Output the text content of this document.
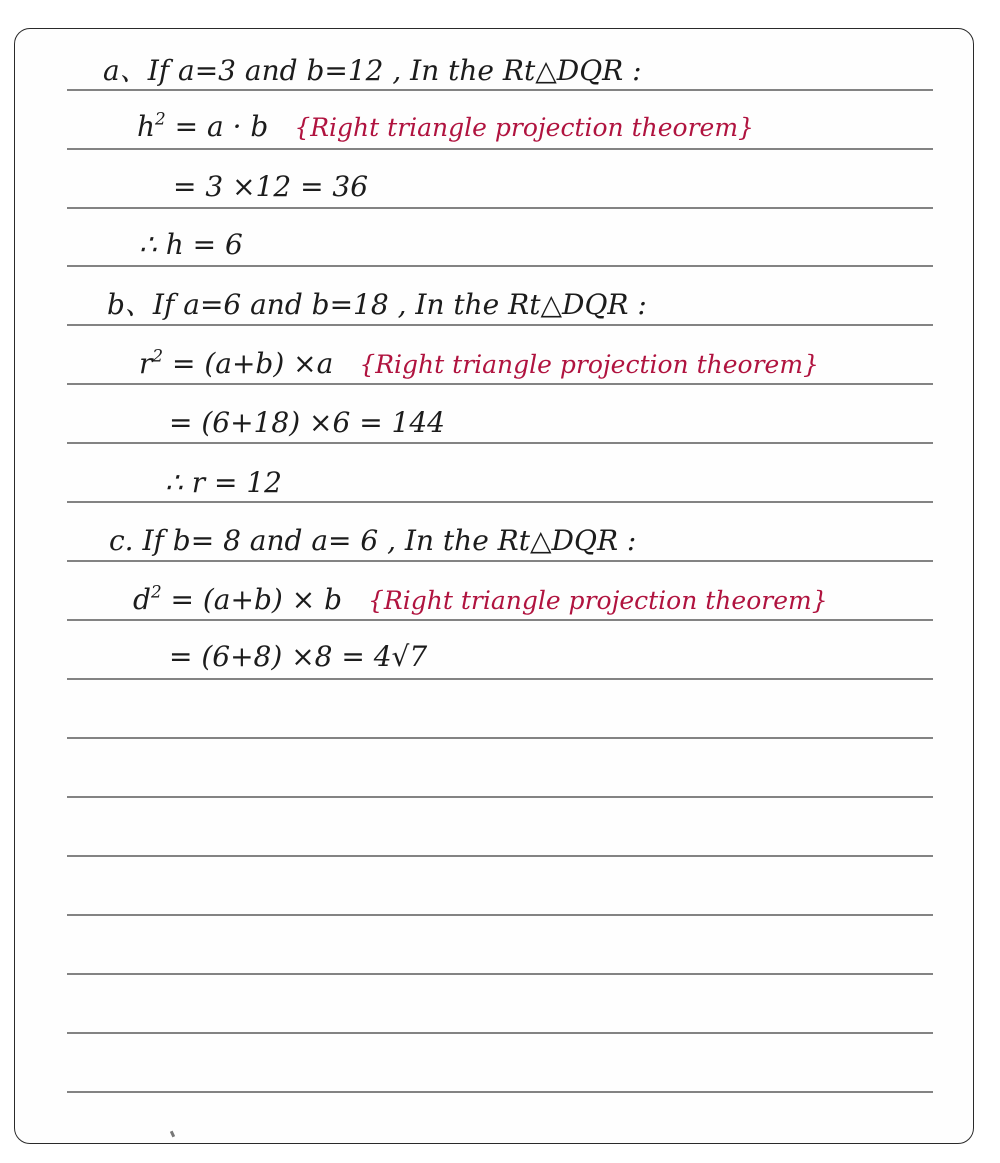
a、If a=3 and b=12 , In the Rt△DQR :
$h^2 = a \cdot b$ {Right triangle projection theorem}
= 3 ×12 = 36
∴ h = 6
b、If a=6 and b=18 , In the Rt△DQR :
$r^2 = (a+b) \times a$ {Right triangle projection theorem}
= (6+18) ×6 = 144
∴ r = 12
c. If b= 8 and a= 6 , In the Rt△DQR :
$d^2 = (a+b) \times b$ {Right triangle projection theorem}
= (6+8) ×8 = 4√7
